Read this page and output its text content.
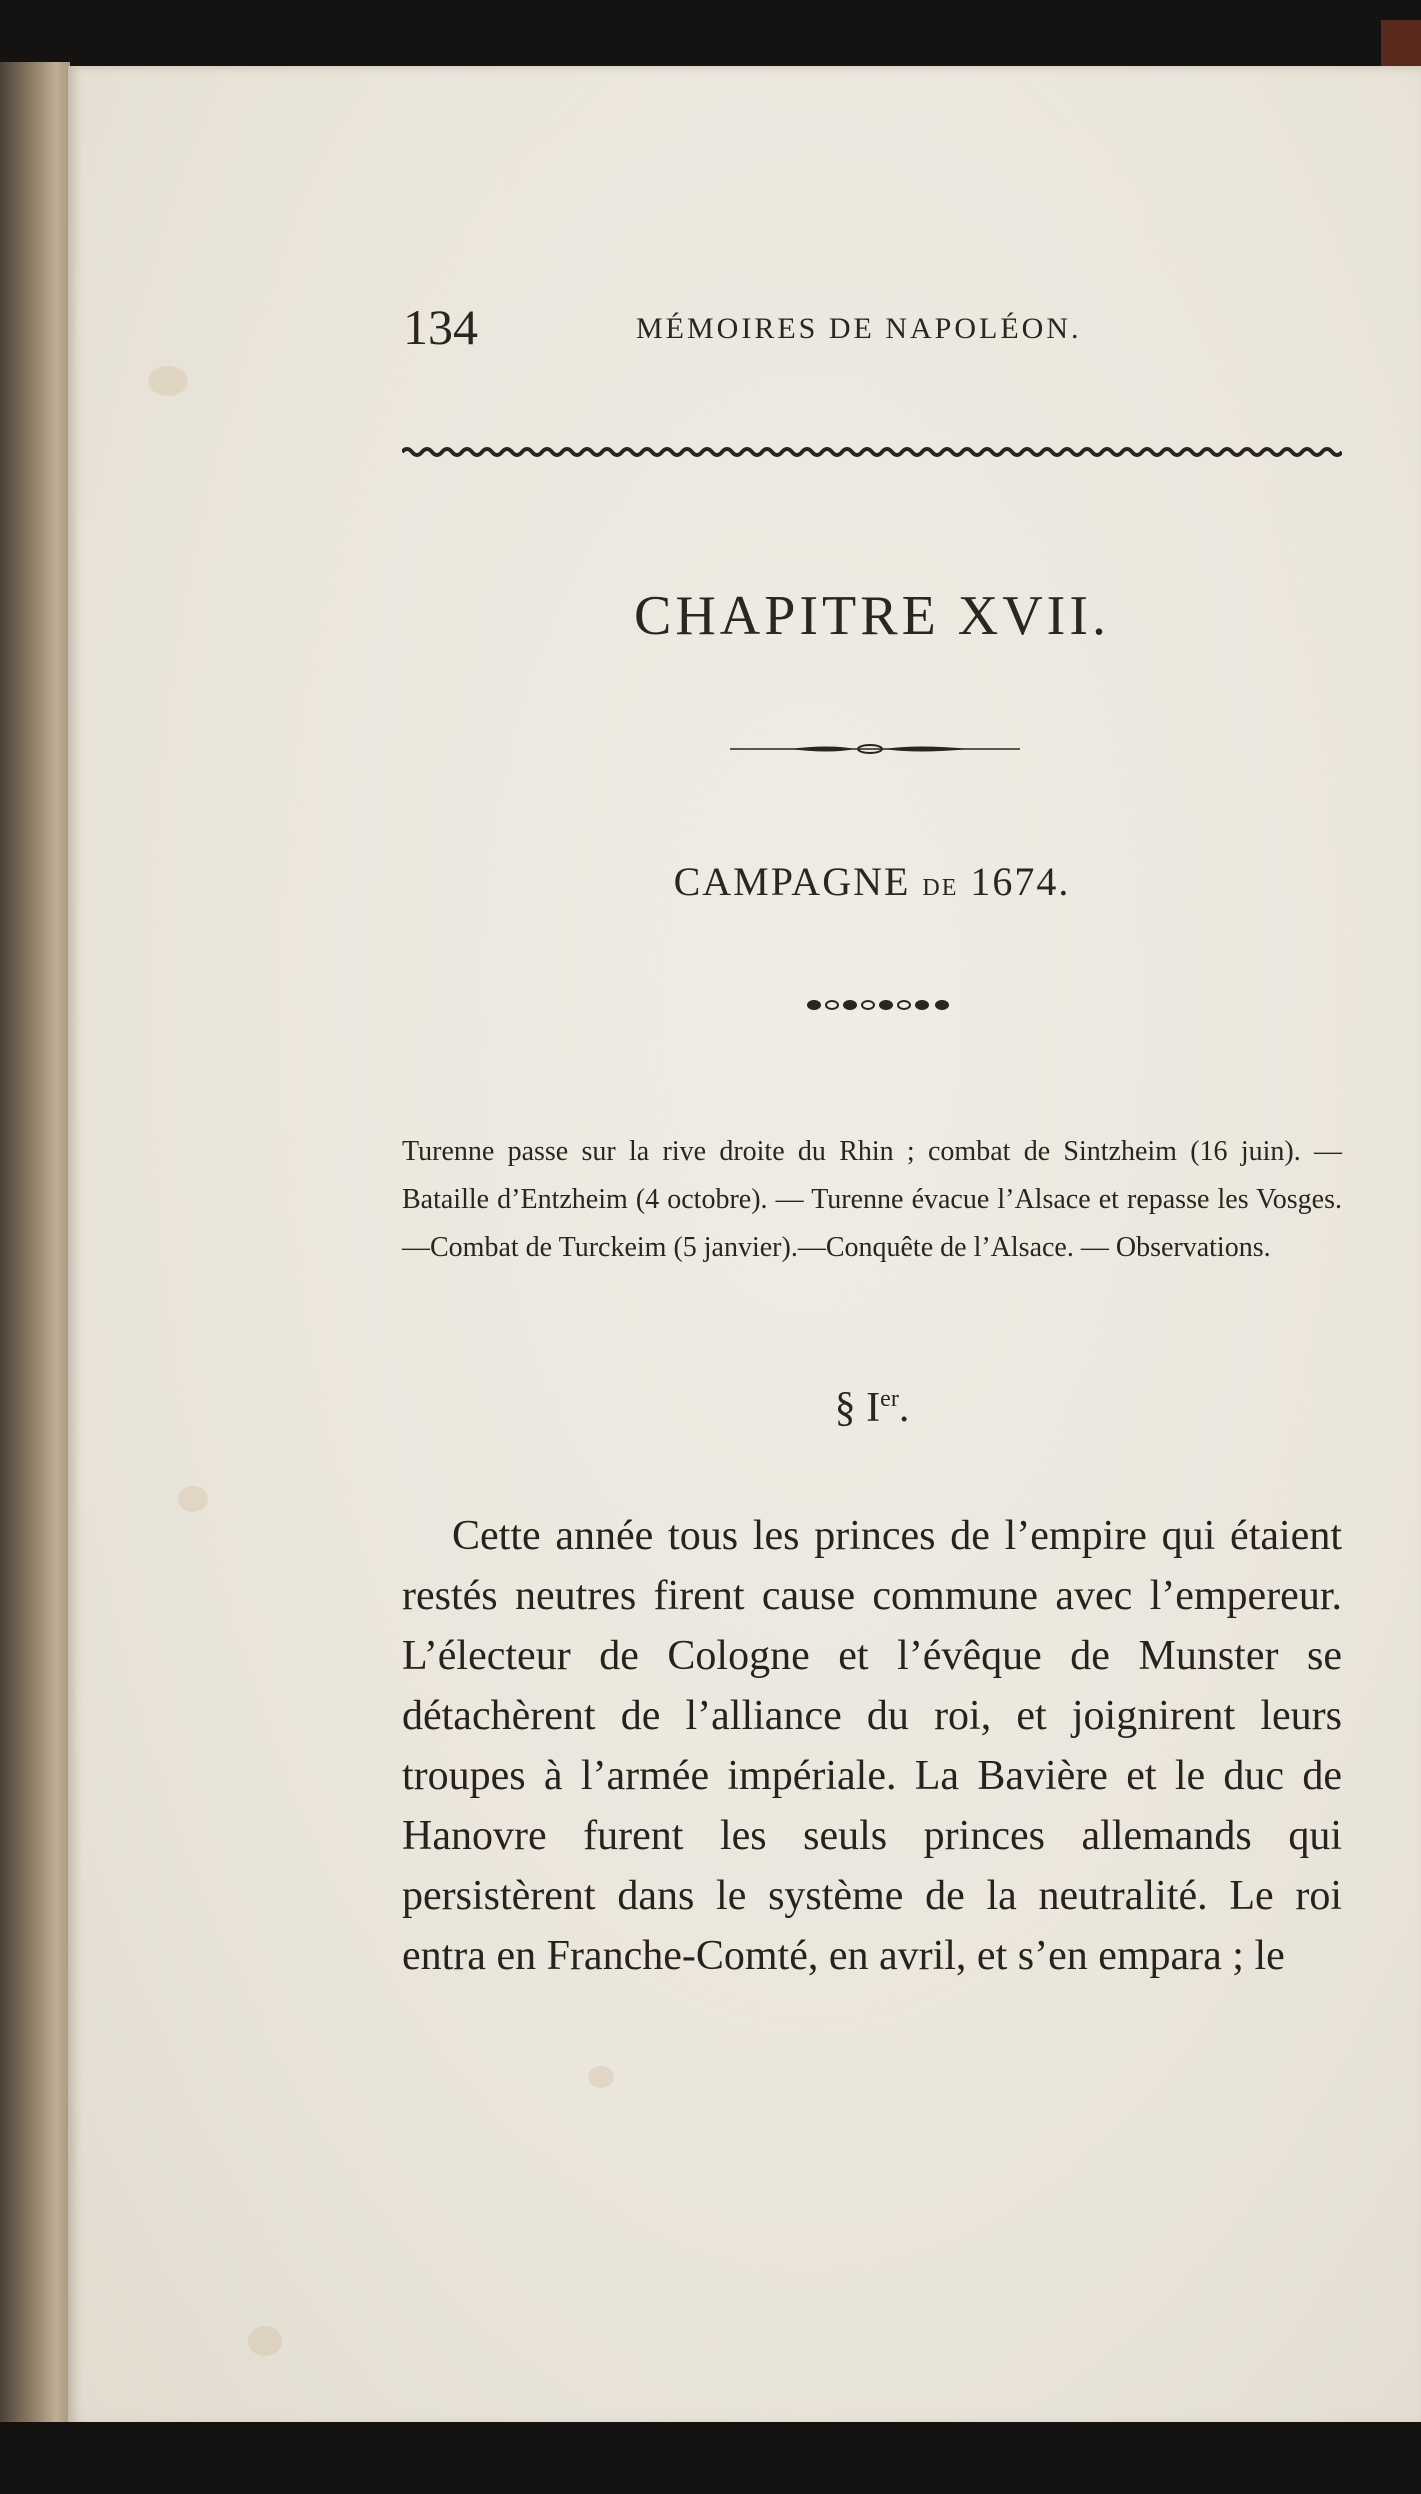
134	MÉMOIRES DE NAPOLÉON.
CHAPITRE XVII.
CAMPAGNE DE 1674.
Turenne passe sur la rive droite du Rhin ; combat de Sintzheim (16 juin). — Bataille d’Entzheim (4 octobre). — Turenne évacue l’Alsace et repasse les Vosges.—Combat de Turckeim (5 janvier).—Conquête de l’Alsace. — Observations.
§ Ier.

Cette année tous les princes de l’empire qui étaient restés neutres firent cause commune avec l’empereur. L’électeur de Cologne et l’évêque de Munster se détachèrent de l’alliance du roi, et joignirent leurs troupes à l’armée impériale. La Bavière et le duc de Hanovre furent les seuls princes allemands qui persistèrent dans le système de la neutralité. Le roi entra en Franche-Comté, en avril, et s’en empara ; le
